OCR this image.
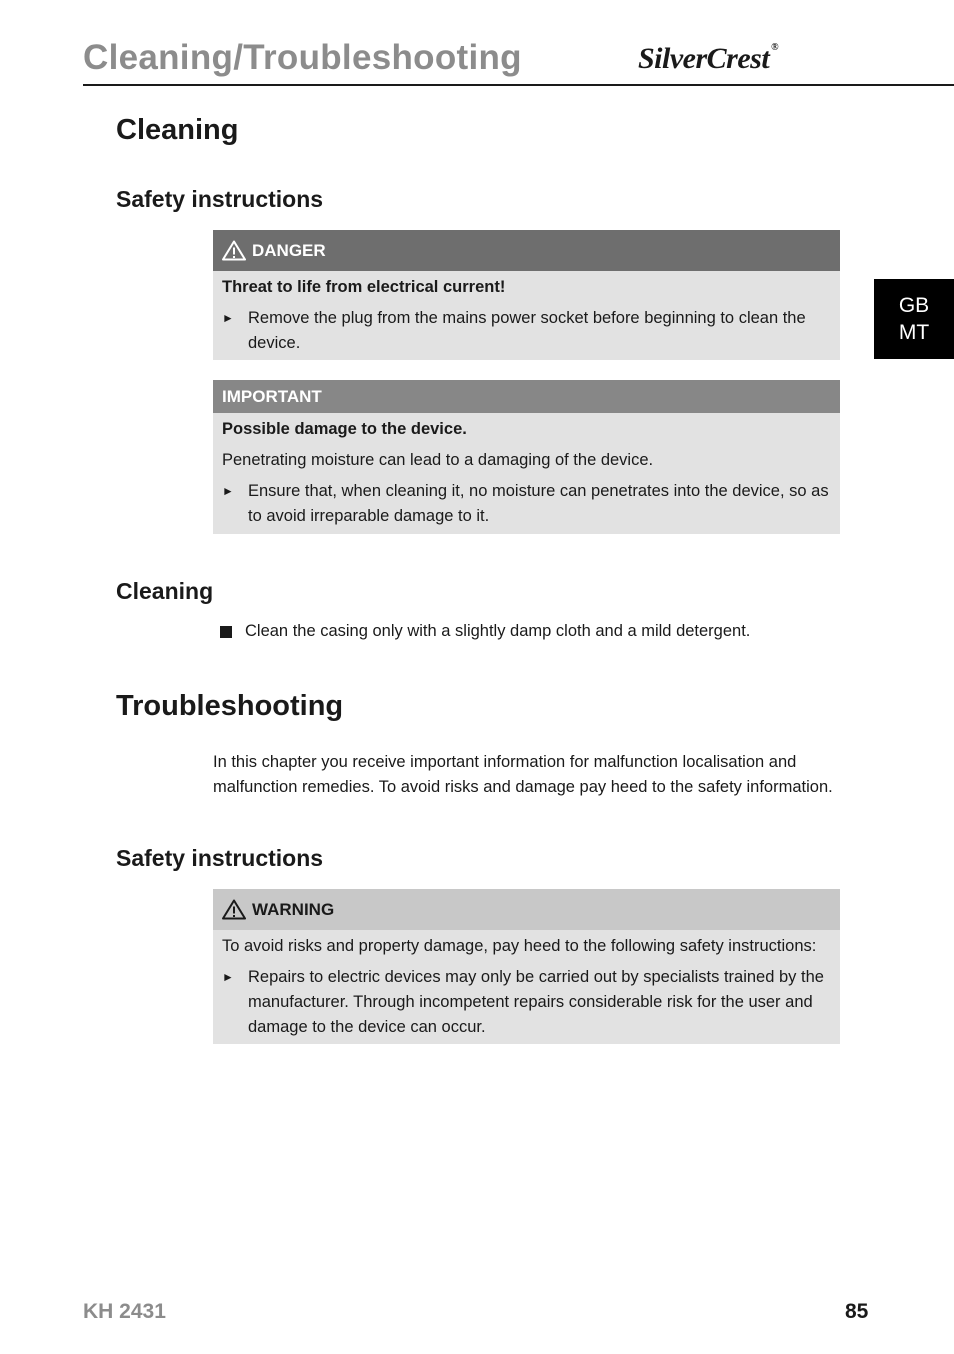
Cleaning/Troubleshooting	SilverCrest ®
GB
MT
Cleaning
Safety instructions
DANGER
Threat to life from electrical current!
► Remove the plug from the mains power socket before beginning to clean the device.
IMPORTANT
Possible damage to the device.
Penetrating moisture can lead to a damaging of the device.
► Ensure that, when cleaning it, no moisture can penetrates into the device, so as to avoid irreparable damage to it.
Cleaning
Clean the casing only with a slightly damp cloth and a mild detergent.
Troubleshooting
In this chapter you receive important information for malfunction localisation and malfunction remedies. To avoid risks and damage pay heed to the safety information.
Safety instructions
WARNING
To avoid risks and property damage, pay heed to the following safety instructions:
► Repairs to electric devices may only be carried out by specialists trained by the manufacturer. Through incompetent repairs considerable risk for the user and damage to the device can occur.
KH 2431	85
